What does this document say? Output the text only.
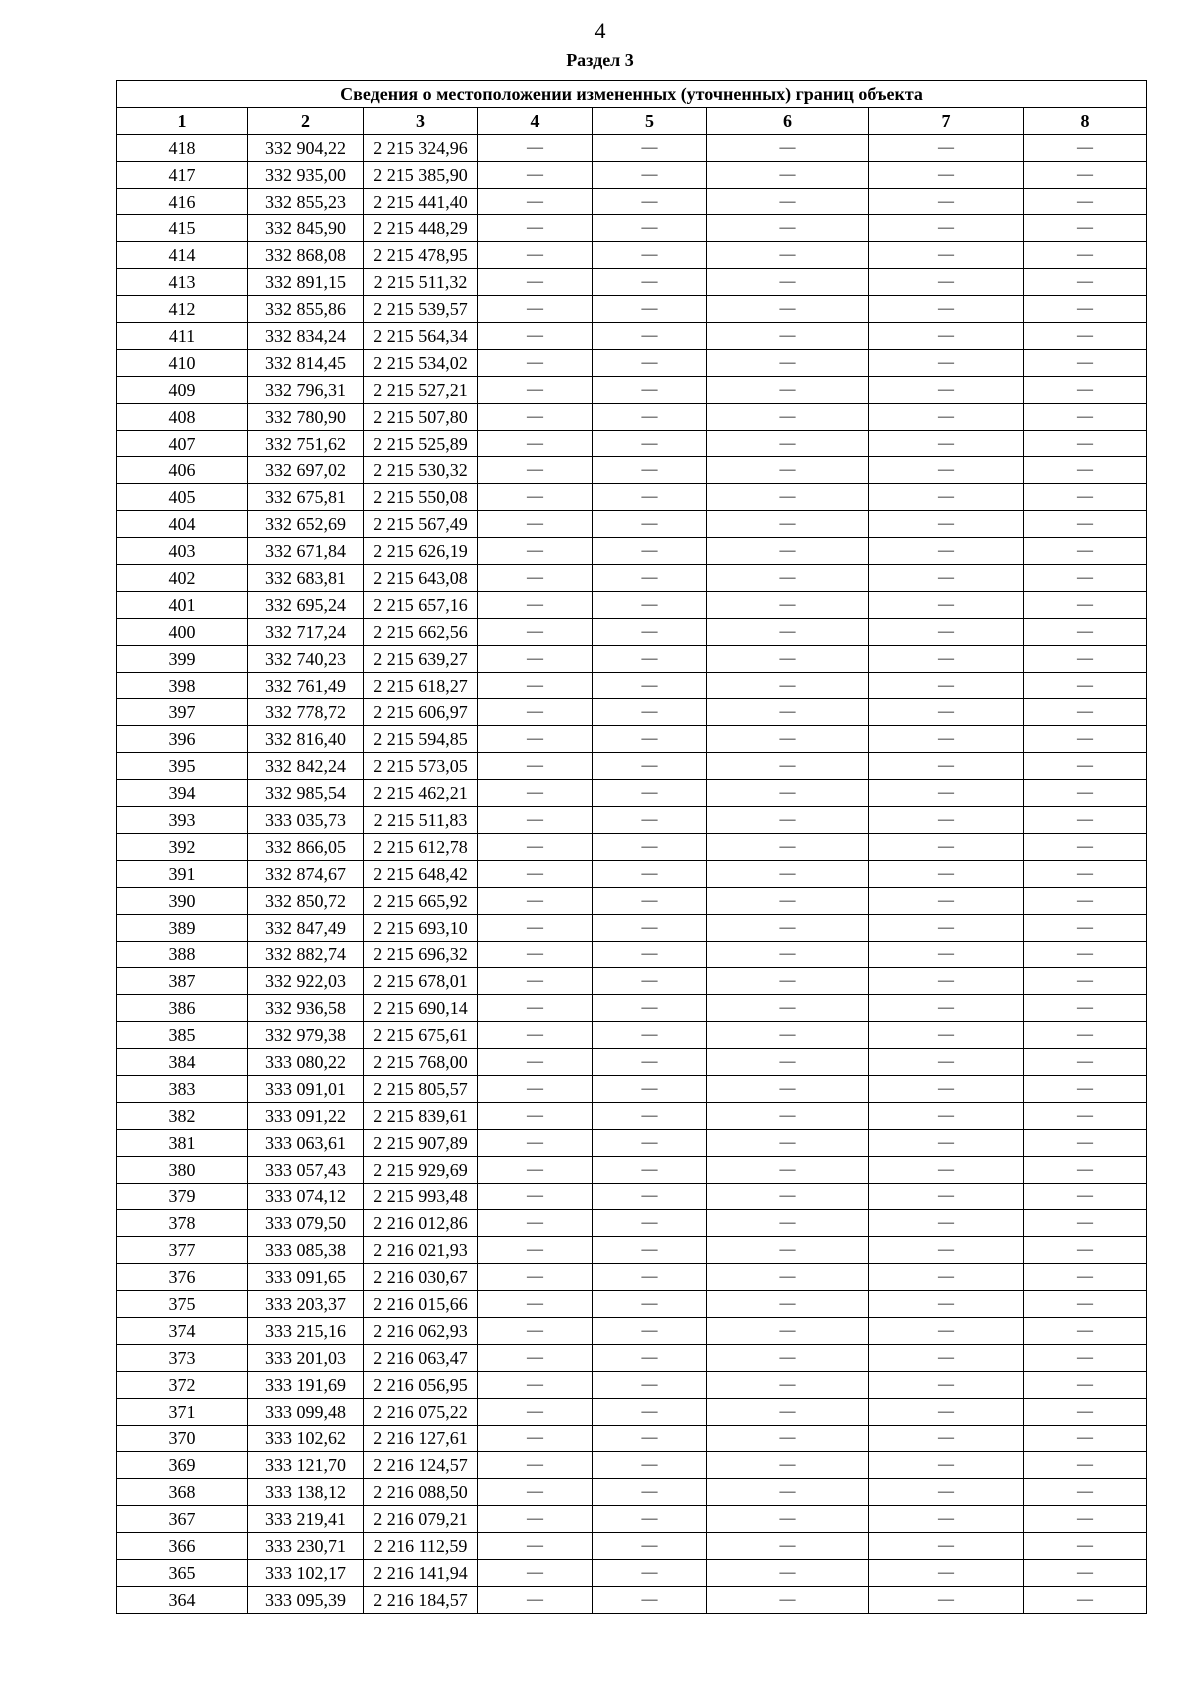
4
Раздел 3
Сведения о местоположении измененных (уточненных) границ объекта							
1	2	3	4	5	6	7	8
418	332 904,22	2 215 324,96	—	—	—	—	—
417	332 935,00	2 215 385,90	—	—	—	—	—
416	332 855,23	2 215 441,40	—	—	—	—	—
415	332 845,90	2 215 448,29	—	—	—	—	—
414	332 868,08	2 215 478,95	—	—	—	—	—
413	332 891,15	2 215 511,32	—	—	—	—	—
412	332 855,86	2 215 539,57	—	—	—	—	—
411	332 834,24	2 215 564,34	—	—	—	—	—
410	332 814,45	2 215 534,02	—	—	—	—	—
409	332 796,31	2 215 527,21	—	—	—	—	—
408	332 780,90	2 215 507,80	—	—	—	—	—
407	332 751,62	2 215 525,89	—	—	—	—	—
406	332 697,02	2 215 530,32	—	—	—	—	—
405	332 675,81	2 215 550,08	—	—	—	—	—
404	332 652,69	2 215 567,49	—	—	—	—	—
403	332 671,84	2 215 626,19	—	—	—	—	—
402	332 683,81	2 215 643,08	—	—	—	—	—
401	332 695,24	2 215 657,16	—	—	—	—	—
400	332 717,24	2 215 662,56	—	—	—	—	—
399	332 740,23	2 215 639,27	—	—	—	—	—
398	332 761,49	2 215 618,27	—	—	—	—	—
397	332 778,72	2 215 606,97	—	—	—	—	—
396	332 816,40	2 215 594,85	—	—	—	—	—
395	332 842,24	2 215 573,05	—	—	—	—	—
394	332 985,54	2 215 462,21	—	—	—	—	—
393	333 035,73	2 215 511,83	—	—	—	—	—
392	332 866,05	2 215 612,78	—	—	—	—	—
391	332 874,67	2 215 648,42	—	—	—	—	—
390	332 850,72	2 215 665,92	—	—	—	—	—
389	332 847,49	2 215 693,10	—	—	—	—	—
388	332 882,74	2 215 696,32	—	—	—	—	—
387	332 922,03	2 215 678,01	—	—	—	—	—
386	332 936,58	2 215 690,14	—	—	—	—	—
385	332 979,38	2 215 675,61	—	—	—	—	—
384	333 080,22	2 215 768,00	—	—	—	—	—
383	333 091,01	2 215 805,57	—	—	—	—	—
382	333 091,22	2 215 839,61	—	—	—	—	—
381	333 063,61	2 215 907,89	—	—	—	—	—
380	333 057,43	2 215 929,69	—	—	—	—	—
379	333 074,12	2 215 993,48	—	—	—	—	—
378	333 079,50	2 216 012,86	—	—	—	—	—
377	333 085,38	2 216 021,93	—	—	—	—	—
376	333 091,65	2 216 030,67	—	—	—	—	—
375	333 203,37	2 216 015,66	—	—	—	—	—
374	333 215,16	2 216 062,93	—	—	—	—	—
373	333 201,03	2 216 063,47	—	—	—	—	—
372	333 191,69	2 216 056,95	—	—	—	—	—
371	333 099,48	2 216 075,22	—	—	—	—	—
370	333 102,62	2 216 127,61	—	—	—	—	—
369	333 121,70	2 216 124,57	—	—	—	—	—
368	333 138,12	2 216 088,50	—	—	—	—	—
367	333 219,41	2 216 079,21	—	—	—	—	—
366	333 230,71	2 216 112,59	—	—	—	—	—
365	333 102,17	2 216 141,94	—	—	—	—	—
364	333 095,39	2 216 184,57	—	—	—	—	—
